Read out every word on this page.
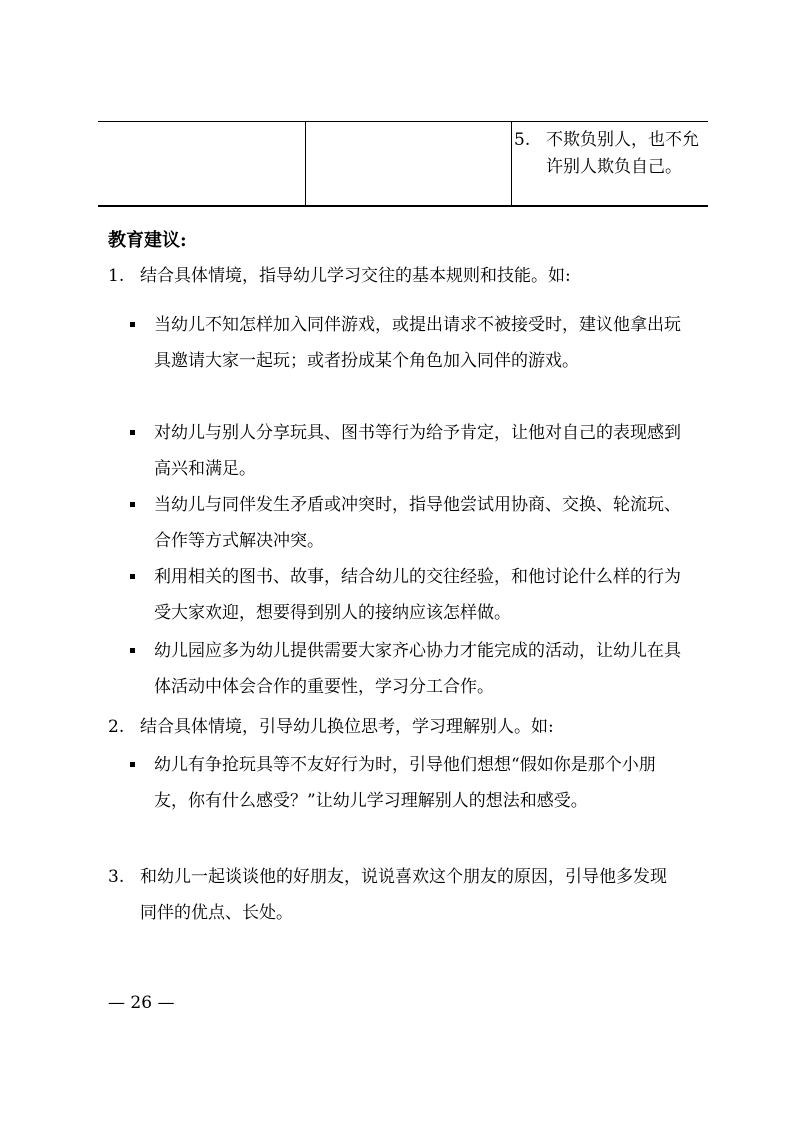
5. 不欺负别人，也不允许别人欺负自己。
教育建议:
1. 结合具体情境，指导幼儿学习交往的基本规则和技能。如:
当幼儿不知怎样加入同伴游戏，或提出请求不被接受时，建议他拿出玩具邀请大家一起玩；或者扮成某个角色加入同伴的游戏。
对幼儿与别人分享玩具、图书等行为给予肯定，让他对自己的表现感到高兴和满足。
当幼儿与同伴发生矛盾或冲突时，指导他尝试用协商、交换、轮流玩、合作等方式解决冲突。
利用相关的图书、故事，结合幼儿的交往经验，和他讨论什么样的行为受大家欢迎，想要得到别人的接纳应该怎样做。
幼儿园应多为幼儿提供需要大家齐心协力才能完成的活动，让幼儿在具体活动中体会合作的重要性，学习分工合作。
2. 结合具体情境，引导幼儿换位思考，学习理解别人。如:
幼儿有争抢玩具等不友好行为时，引导他们想想“假如你是那个小朋友，你有什么感受？”让幼儿学习理解别人的想法和感受。
3. 和幼儿一起谈谈他的好朋友，说说喜欢这个朋友的原因，引导他多发现同伴的优点、长处。
— 26 —
